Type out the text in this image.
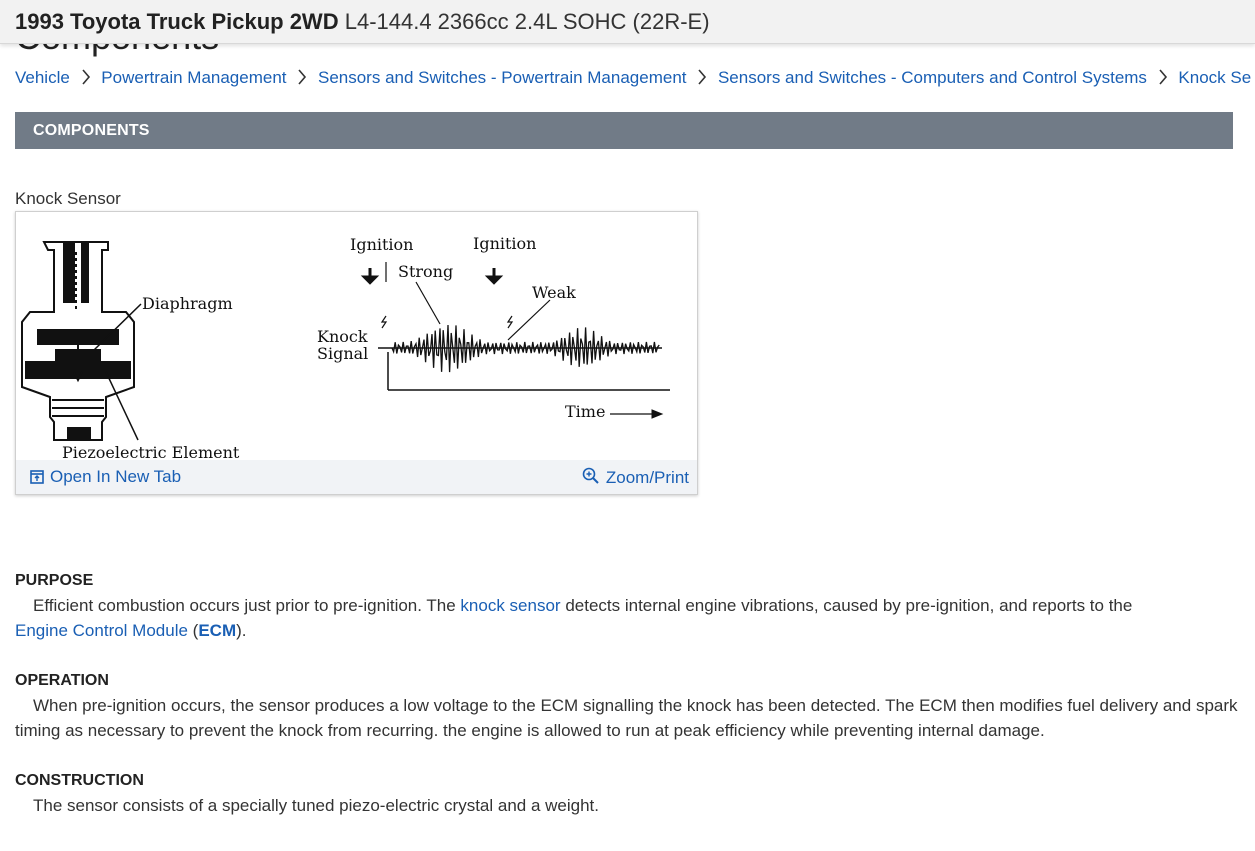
1993 Toyota Truck Pickup 2WD L4-144.4 2366cc 2.4L SOHC (22R-E)
Vehicle Powertrain Management Sensors and Switches - Powertrain Management Sensors and Switches - Computers and Control Systems Knock Se
COMPONENTS
Knock Sensor
Diaphragm
Piezoelectric Element
Ignition	Ignition
Strong
Weak
Knock
Signal
Time
Open In New Tab	Zoom/Print
PURPOSE

Efficient combustion occurs just prior to pre-ignition. The knock sensor detects internal engine vibrations, caused by pre-ignition, and reports to the

Engine Control Module (ECM).
OPERATION

When pre-ignition occurs, the sensor produces a low voltage to the ECM signalling the knock has been detected. The ECM then modifies fuel delivery and spark timing as necessary to prevent the knock from recurring. the engine is allowed to run at peak efficiency while preventing internal damage.

CONSTRUCTION

The sensor consists of a specially tuned piezo-electric crystal and a weight.
